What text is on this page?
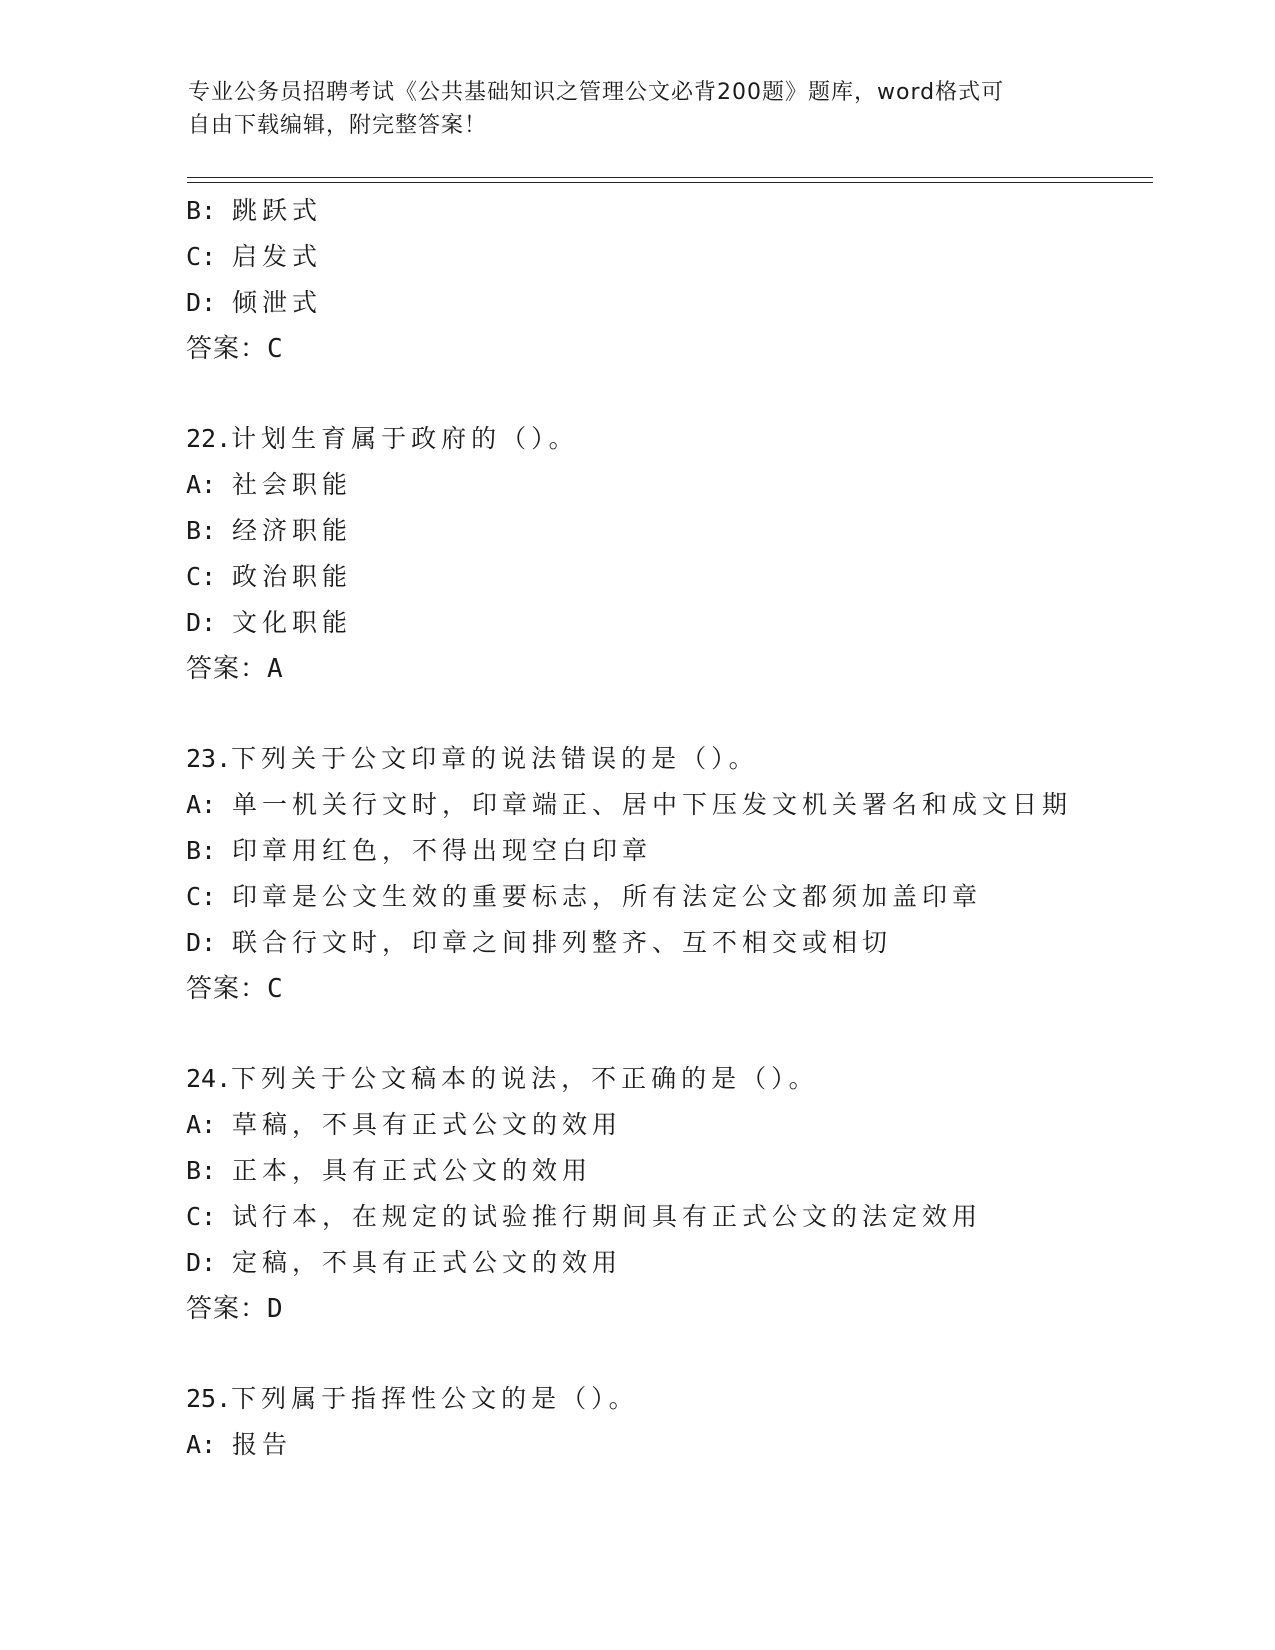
专业公务员招聘考试《公共基础知识之管理公文必背200题》题库，word格式可
自由下载编辑，附完整答案！
B: 跳跃式
C: 启发式
D: 倾泄式
答案：C
22.计划生育属于政府的（）。
A: 社会职能
B: 经济职能
C: 政治职能
D: 文化职能
答案：A
23.下列关于公文印章的说法错误的是（）。
A: 单一机关行文时，印章端正、居中下压发文机关署名和成文日期
B: 印章用红色，不得出现空白印章
C: 印章是公文生效的重要标志，所有法定公文都须加盖印章
D: 联合行文时，印章之间排列整齐、互不相交或相切
答案：C
24.下列关于公文稿本的说法，不正确的是（）。
A: 草稿，不具有正式公文的效用
B: 正本，具有正式公文的效用
C: 试行本，在规定的试验推行期间具有正式公文的法定效用
D: 定稿，不具有正式公文的效用
答案：D
25.下列属于指挥性公文的是（）。
A: 报告
